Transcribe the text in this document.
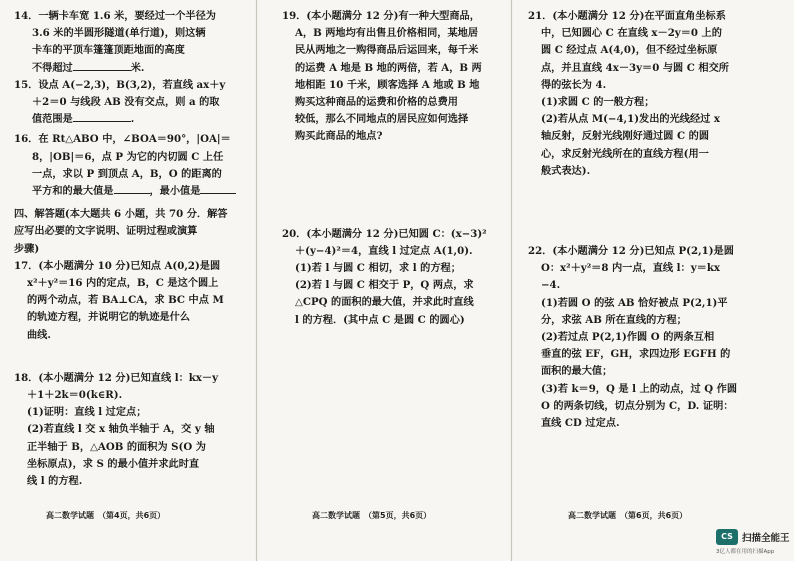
14．一辆卡车宽 1.6 米，要经过一个半径为

3.6 米的半圆形隧道(单行道)，则这辆

卡车的平顶车篷篷顶距地面的高度

不得超过	米.

15．设点 A(−2,3)，B(3,2)，若直线 ax＋y

＋2＝0 与线段 AB 没有交点，则 a 的取

值范围是	.

16．在 Rt△ABO 中，∠BOA＝90°，|OA|＝

8，|OB|＝6，点 P 为它的内切圆 C 上任

一点，求以 P 到顶点 A，B，O 的距离的

平方和的最大值是	，最小值是

四、解答题(本大题共 6 小题，共 70 分．解答

应写出必要的文字说明、证明过程或演算

步骤)

17．(本小题满分 10 分)已知点 A(0,2)是圆

x²＋y²＝16 内的定点，B，C 是这个圆上

的两个动点，若 BA⊥CA，求 BC 中点 M

的轨迹方程，并说明它的轨迹是什么

曲线.

18．(本小题满分 12 分)已知直线 l：kx－y

＋1＋2k＝0(k∈R).

(1)证明：直线 l 过定点；

(2)若直线 l 交 x 轴负半轴于 A，交 y 轴

正半轴于 B，△AOB 的面积为 S(O 为

坐标原点)，求 S 的最小值并求此时直

线 l 的方程.

高二数学试题　（第4页，共6页）

19．(本小题满分 12 分)有一种大型商品，

A，B 两地均有出售且价格相同，某地居

民从两地之一购得商品后运回来，每千米

的运费 A 地是 B 地的两倍，若 A，B 两

地相距 10 千米，顾客选择 A 地或 B 地

购买这种商品的运费和价格的总费用

较低，那么不同地点的居民应如何选择

购买此商品的地点?

20．(本小题满分 12 分)已知圆 C：(x−3)²

＋(y−4)²＝4，直线 l 过定点 A(1,0).

(1)若 l 与圆 C 相切，求 l 的方程；

(2)若 l 与圆 C 相交于 P，Q 两点，求

△CPQ 的面积的最大值，并求此时直线

l 的方程．(其中点 C 是圆 C 的圆心)

高二数学试题　（第5页，共6页）

21．(本小题满分 12 分)在平面直角坐标系

中，已知圆心 C 在直线 x－2y＝0 上的

圆 C 经过点 A(4,0)，但不经过坐标原

点，并且直线 4x－3y＝0 与圆 C 相交所

得的弦长为 4.

(1)求圆 C 的一般方程；

(2)若从点 M(−4,1)发出的光线经过 x

轴反射，反射光线刚好通过圆 C 的圆

心，求反射光线所在的直线方程(用一

般式表达).

22．(本小题满分 12 分)已知点 P(2,1)是圆

O：x²＋y²＝8 内一点，直线 l：y＝kx

−4.

(1)若圆 O 的弦 AB 恰好被点 P(2,1)平

分，求弦 AB 所在直线的方程；

(2)若过点 P(2,1)作圆 O 的两条互相

垂直的弦 EF，GH，求四边形 EGFH 的

面积的最大值；

(3)若 k＝9，Q 是 l 上的动点，过 Q 作圆

O 的两条切线，切点分别为 C，D. 证明：

直线 CD 过定点.

高二数学试题　（第6页，共6页）
CS 扫描全能王
3亿人都在用的扫描App
